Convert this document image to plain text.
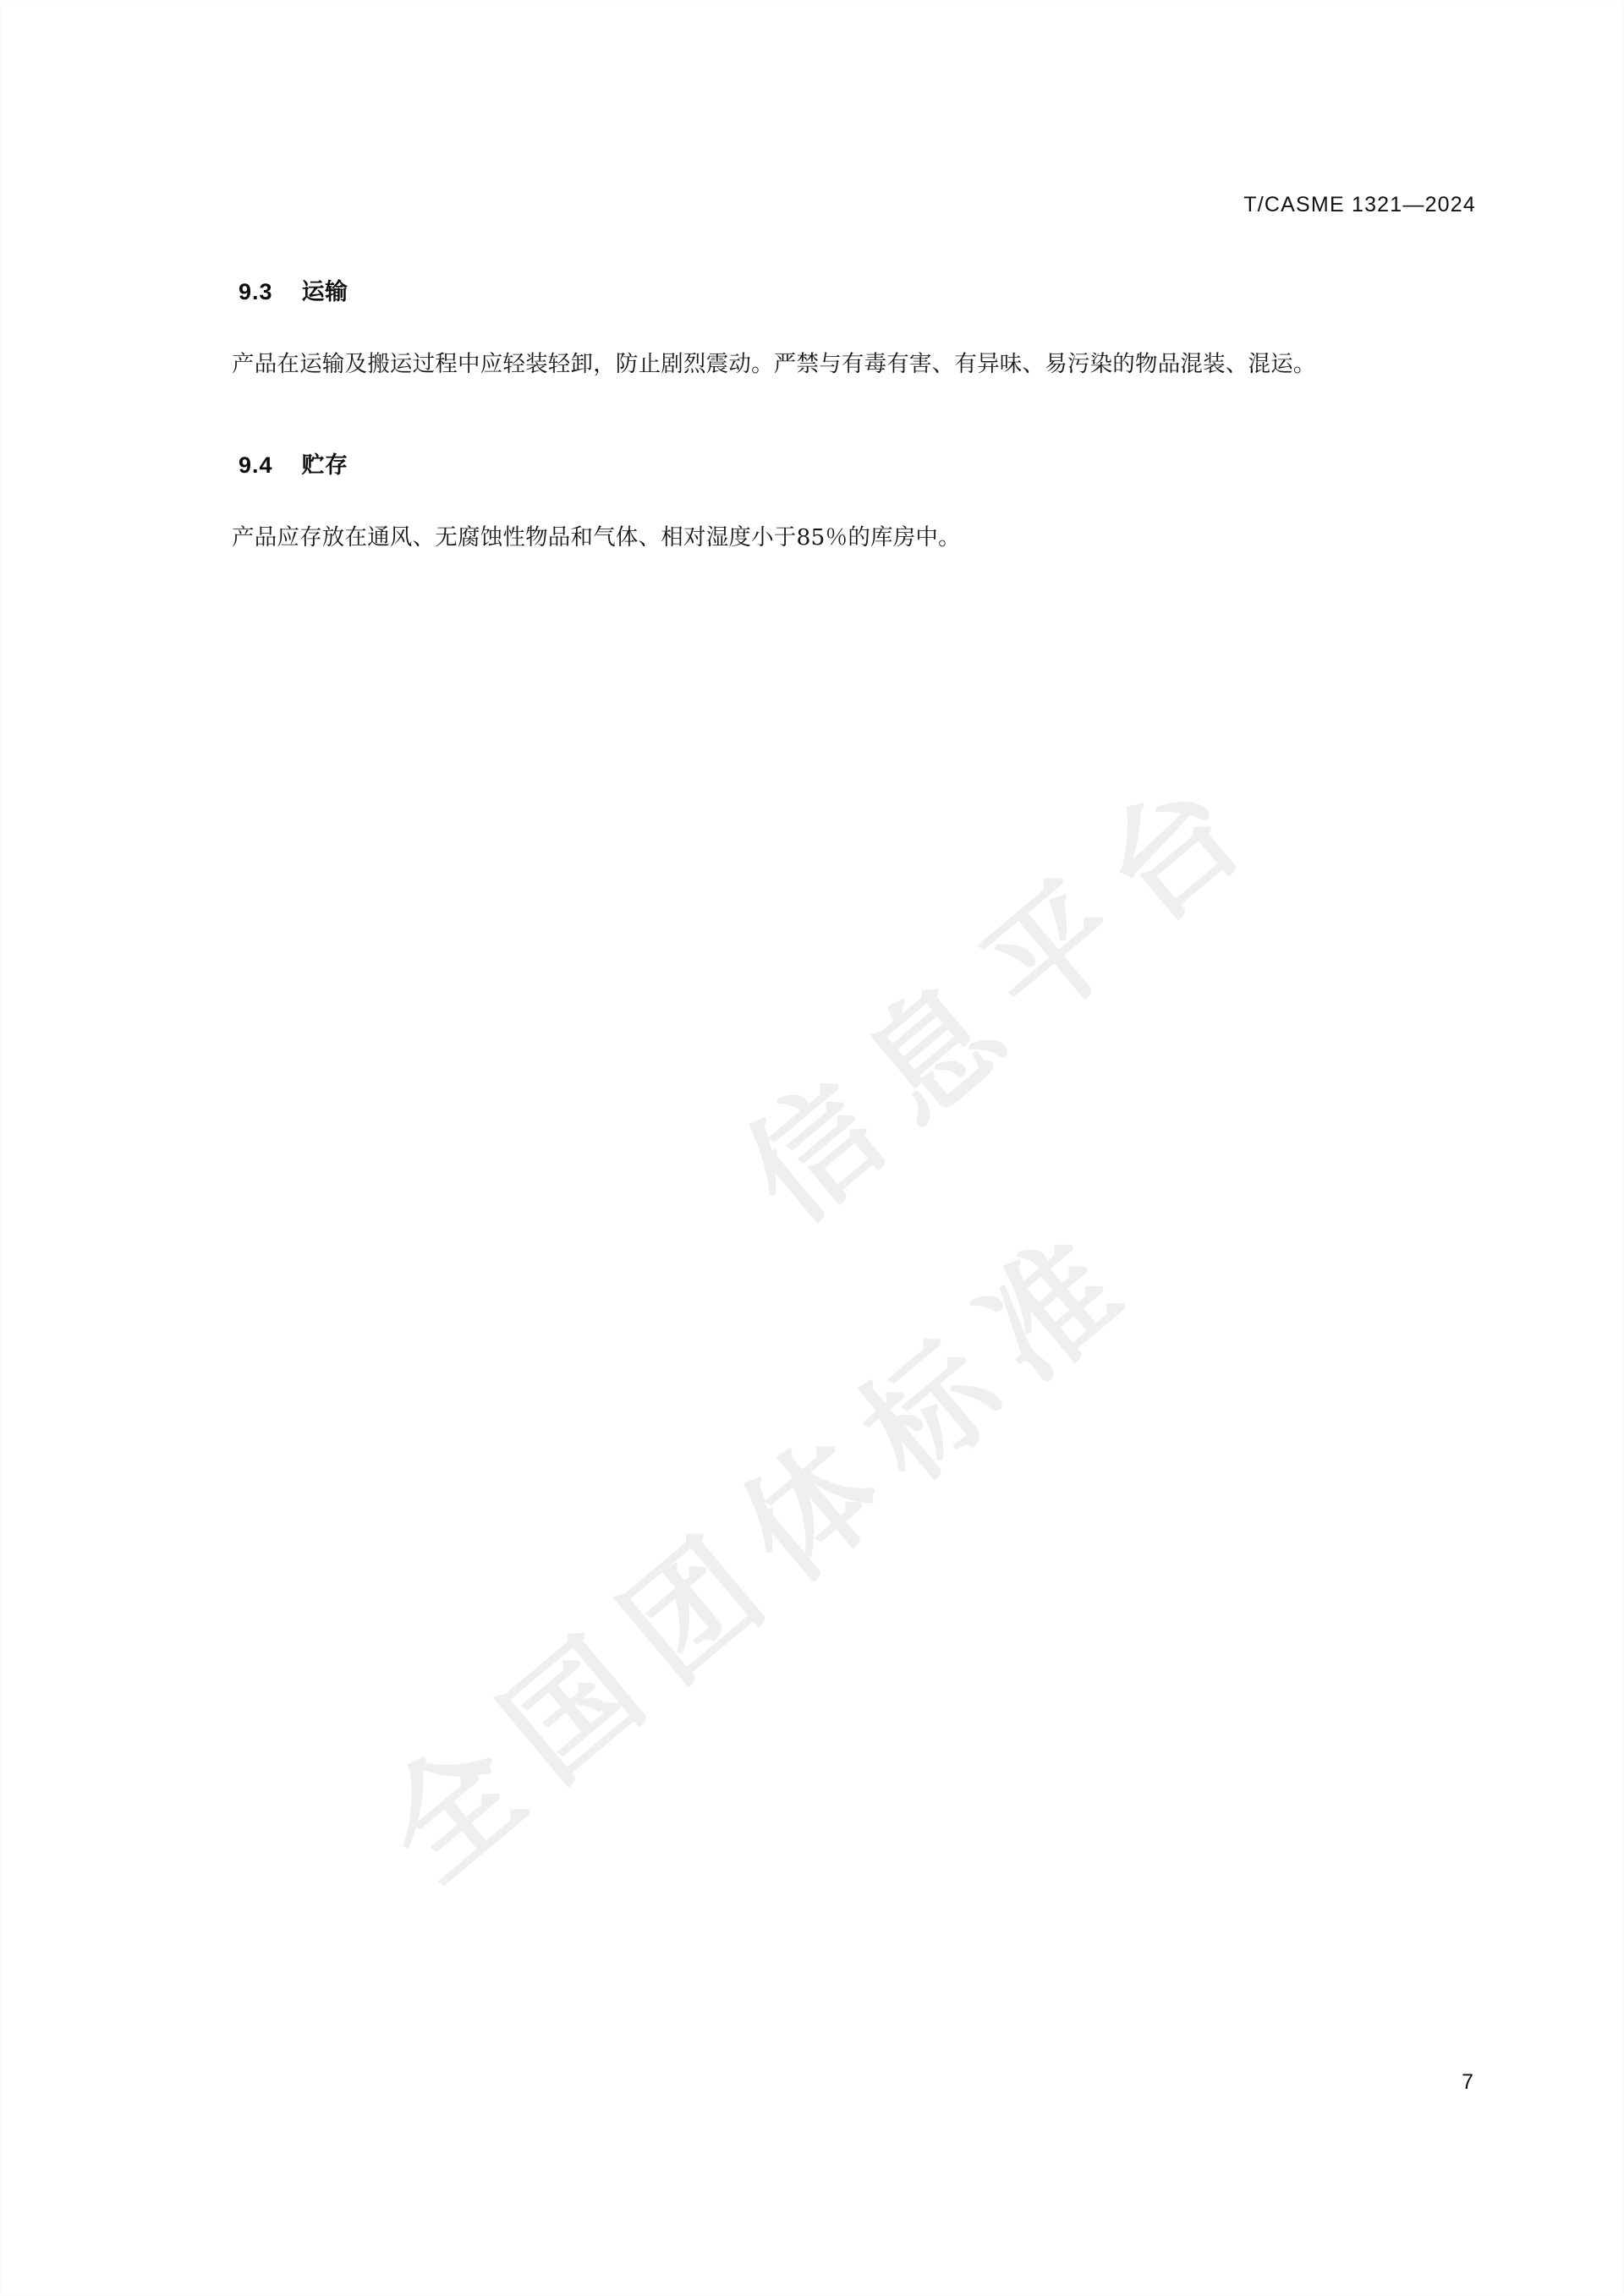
全国团体标准
信息平台
T/CASME 1321—2024

9.3 运输

产品在运输及搬运过程中应轻装轻卸，防止剧烈震动。严禁与有毒有害、有异味、易污染的物品混装、混运。

9.4 贮存

产品应存放在通风、无腐蚀性物品和气体、相对湿度小于85％的库房中。

7
